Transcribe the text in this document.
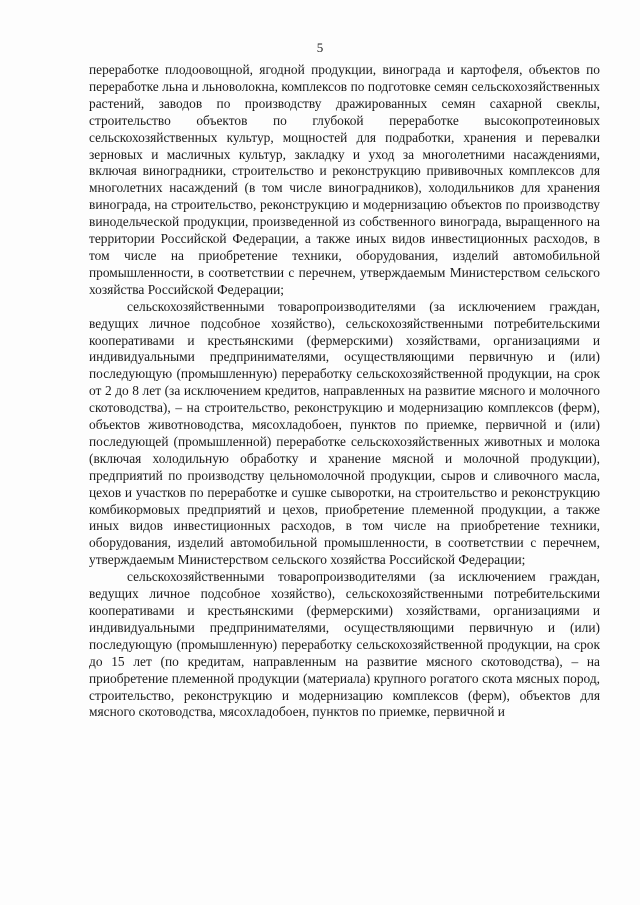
5

переработке плодоовощной, ягодной продукции, винограда и картофеля, объектов по переработке льна и льноволокна, комплексов по подготовке семян сельскохозяйственных растений, заводов по производству дражированных семян сахарной свеклы, строительство объектов по глубокой переработке высокопротеиновых сельскохозяйственных культур, мощностей для подработки, хранения и перевалки зерновых и масличных культур, закладку и уход за многолетними насаждениями, включая виноградники, строительство и реконструкцию прививочных комплексов для многолетних насаждений (в том числе виноградников), холодильников для хранения винограда, на строительство, реконструкцию и модернизацию объектов по производству винодельческой продукции, произведенной из собственного винограда, выращенного на территории Российской Федерации, а также иных видов инвестиционных расходов, в том числе на приобретение техники, оборудования, изделий автомобильной промышленности, в соответствии с перечнем, утверждаемым Министерством сельского хозяйства Российской Федерации;

сельскохозяйственными товаропроизводителями (за исключением граждан, ведущих личное подсобное хозяйство), сельскохозяйственными потребительскими кооперативами и крестьянскими (фермерскими) хозяйствами, организациями и индивидуальными предпринимателями, осуществляющими первичную и (или) последующую (промышленную) переработку сельскохозяйственной продукции, на срок от 2 до 8 лет (за исключением кредитов, направленных на развитие мясного и молочного скотоводства), – на строительство, реконструкцию и модернизацию комплексов (ферм), объектов животноводства, мясохладобоен, пунктов по приемке, первичной и (или) последующей (промышленной) переработке сельскохозяйственных животных и молока (включая холодильную обработку и хранение мясной и молочной продукции), предприятий по производству цельномолочной продукции, сыров и сливочного масла, цехов и участков по переработке и сушке сыворотки, на строительство и реконструкцию комбикормовых предприятий и цехов, приобретение племенной продукции, а также иных видов инвестиционных расходов, в том числе на приобретение техники, оборудования, изделий автомобильной промышленности, в соответствии с перечнем, утверждаемым Министерством сельского хозяйства Российской Федерации;

сельскохозяйственными товаропроизводителями (за исключением граждан, ведущих личное подсобное хозяйство), сельскохозяйственными потребительскими кооперативами и крестьянскими (фермерскими) хозяйствами, организациями и индивидуальными предпринимателями, осуществляющими первичную и (или) последующую (промышленную) переработку сельскохозяйственной продукции, на срок до 15 лет (по кредитам, направленным на развитие мясного скотоводства), – на приобретение племенной продукции (материала) крупного рогатого скота мясных пород, строительство, реконструкцию и модернизацию комплексов (ферм), объектов для мясного скотоводства, мясохладобоен, пунктов по приемке, первичной и
